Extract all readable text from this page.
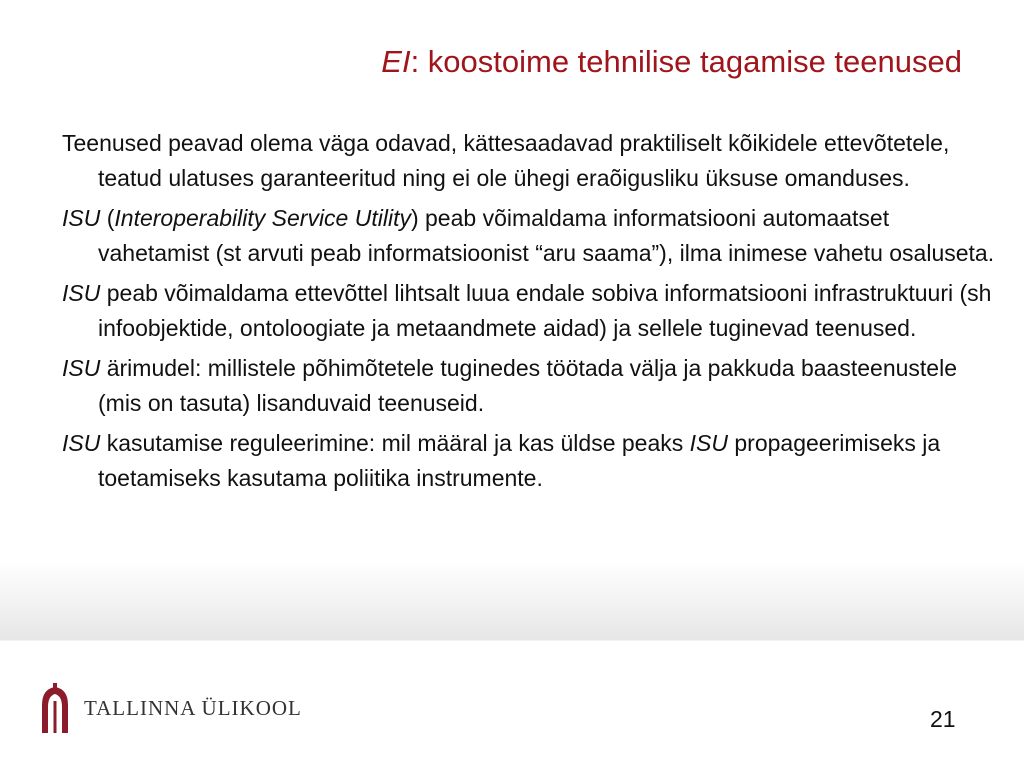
EI: koostoime tehnilise tagamise teenused

Teenused peavad olema väga odavad, kättesaadavad praktiliselt kõikidele ettevõtetele, teatud ulatuses garanteeritud ning ei ole ühegi eraõigusliku üksuse omanduses.

ISU (Interoperability Service Utility) peab võimaldama informatsiooni automaatset vahetamist (st arvuti peab informatsioonist “aru saama”), ilma inimese vahetu osaluseta.

ISU peab võimaldama ettevõttel lihtsalt luua endale sobiva informatsiooni infrastruktuuri (sh infoobjektide, ontoloogiate ja metaandmete aidad) ja sellele tuginevad teenused.

ISU ärimudel: millistele põhimõtetele tuginedes töötada välja ja pakkuda baasteenustele (mis on tasuta) lisanduvaid teenuseid.

ISU kasutamise reguleerimine: mil määral ja kas üldse peaks ISU propageerimiseks ja toetamiseks kasutama poliitika instrumente.

TALLINNA ÜLIKOOL	21
